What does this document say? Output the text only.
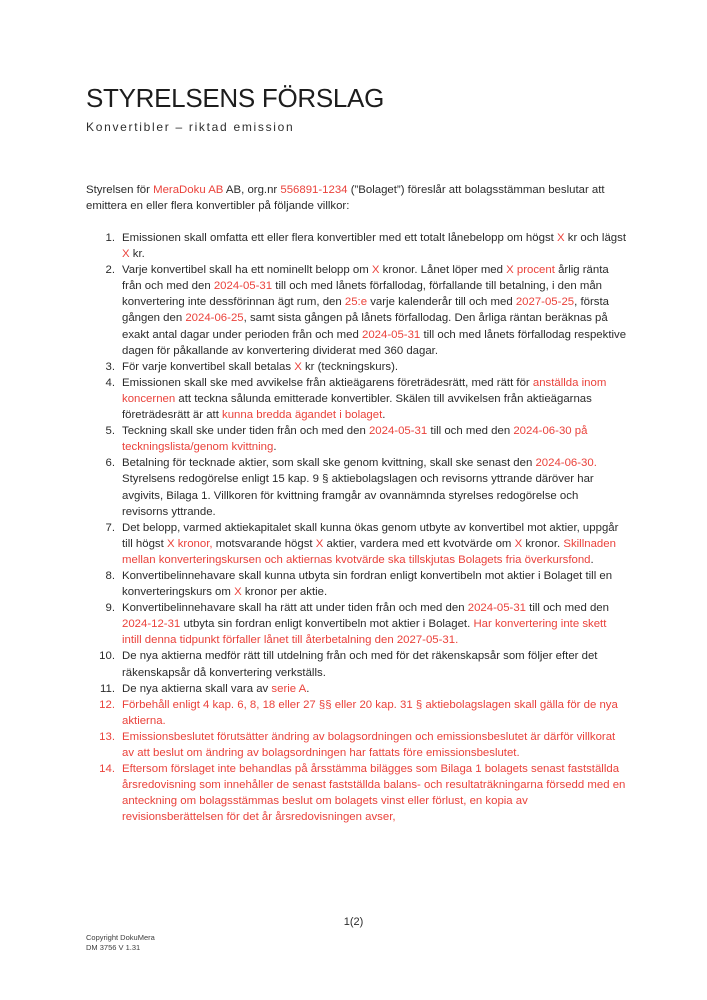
STYRELSENS FÖRSLAG
Konvertibler – riktad emission

Styrelsen för MeraDoku AB AB, org.nr 556891-1234 (”Bolaget”) föreslår att bolagsstämman beslutar att emittera en eller flera konvertibler på följande villkor:

1. Emissionen skall omfatta ett eller flera konvertibler med ett totalt lånebelopp om högst X kr och lägst X kr.
2. Varje konvertibel skall ha ett nominellt belopp om X kronor. Lånet löper med X procent årlig ränta från och med den 2024-05-31 till och med lånets förfallodag, förfallande till betalning, i den mån konvertering inte dessförinnan ägt rum, den 25:e varje kalenderår till och med 2027-05-25, första gången den 2024-06-25, samt sista gången på lånets förfallodag. Den årliga räntan beräknas på exakt antal dagar under perioden från och med 2024-05-31 till och med lånets förfallodag respektive dagen för påkallande av konvertering dividerat med 360 dagar.
3. För varje konvertibel skall betalas X kr (teckningskurs).
4. Emissionen skall ske med avvikelse från aktieägarens företrädesrätt, med rätt för anställda inom koncernen att teckna sålunda emitterade konvertibler. Skälen till avvikelsen från aktieägarnas företrädesrätt är att kunna bredda ägandet i bolaget.
5. Teckning skall ske under tiden från och med den 2024-05-31 till och med den 2024-06-30 på teckningslista/genom kvittning.
6. Betalning för tecknade aktier, som skall ske genom kvittning, skall ske senast den 2024-06-30. Styrelsens redogörelse enligt 15 kap. 9 § aktiebolagslagen och revisorns yttrande däröver har avgivits, Bilaga 1. Villkoren för kvittning framgår av ovannämnda styrelses redogörelse och revisorns yttrande.
7. Det belopp, varmed aktiekapitalet skall kunna ökas genom utbyte av konvertibel mot aktier, uppgår till högst X kronor, motsvarande högst X aktier, vardera med ett kvotvärde om X kronor. Skillnaden mellan konverteringskursen och aktiernas kvotvärde ska tillskjutas Bolagets fria överkursfond.
8. Konvertibelinnehavare skall kunna utbyta sin fordran enligt konvertibeln mot aktier i Bolaget till en konverteringskurs om X kronor per aktie.
9. Konvertibelinnehavare skall ha rätt att under tiden från och med den 2024-05-31 till och med den 2024-12-31 utbyta sin fordran enligt konvertibeln mot aktier i Bolaget. Har konvertering inte skett intill denna tidpunkt förfaller lånet till återbetalning den 2027-05-31.
10. De nya aktierna medför rätt till utdelning från och med för det räkenskapsår som följer efter det räkenskapsår då konvertering verkställs.
11. De nya aktierna skall vara av serie A.
12. Förbehåll enligt 4 kap. 6, 8, 18 eller 27 §§ eller 20 kap. 31 § aktiebolagslagen skall gälla för de nya aktierna.
13. Emissionsbeslutet förutsätter ändring av bolagsordningen och emissionsbeslutet är därför villkorat av att beslut om ändring av bolagsordningen har fattats före emissionsbeslutet.
14. Eftersom förslaget inte behandlas på årsstämma bilägges som Bilaga 1 bolagets senast fastställda årsredovisning som innehåller de senast fastställda balans- och resultaträkningarna försedd med en anteckning om bolagsstämmas beslut om bolagets vinst eller förlust, en kopia av revisionsberättelsen för det år årsredovisningen avser,
1(2)
Copyright DokuMera
DM 3756 V 1.31
